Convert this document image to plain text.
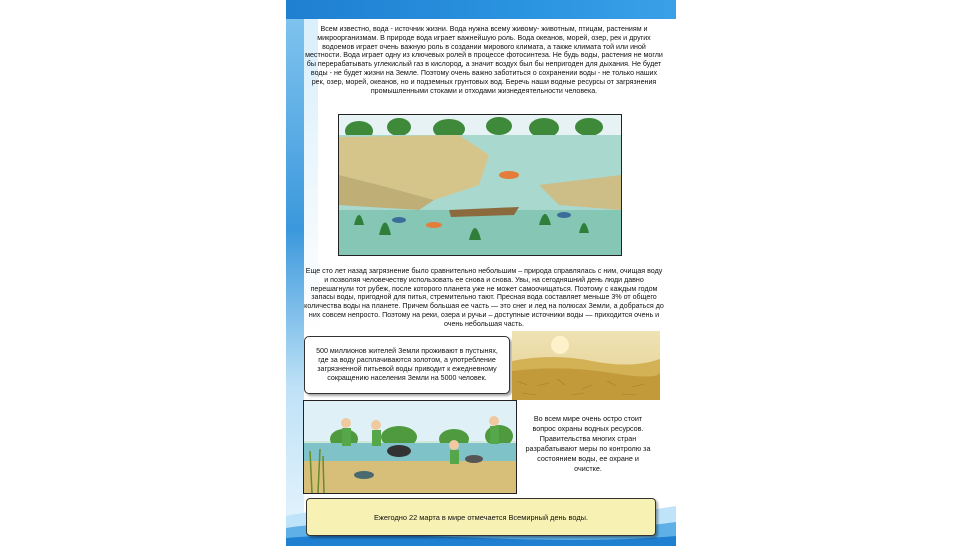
Всем известно, вода - источник жизни. Вода нужна всему живому- животным, птицам, растениям и микроорганизмам. В природе вода играет важнейшую роль. Вода океанов, морей, озер, рек и других водоемов играет очень важную роль в создании мирового климата, а также климата той или иной местности. Вода играет одну из ключевых ролей в процессе фотосинтеза. Не будь воды, растения не могли бы перерабатывать углекислый газ в кислород, а значит воздух был бы непригоден для дыхания. Не будет воды - не будет жизни на Земле. Поэтому очень важно заботиться о сохранении воды - не только наших рек, озер, морей, океанов, но и подземных грунтовых вод. Беречь наши водные ресурсы от загрязнения промышленными стоками и отходами жизнедеятельности человека.

Еще сто лет назад загрязнение было сравнительно небольшим – природа справлялась с ним, очищая воду и позволяя человечеству использовать ее снова и снова. Увы, на сегодняшний день люди давно перешагнули тот рубеж, после которого планета уже не может самоочищаться. Поэтому с каждым годом запасы воды, пригодной для питья, стремительно тают. Пресная вода составляет меньше 3% от общего количества воды на планете. Причем большая ее часть — это снег и лед на полюсах Земли, а добраться до них совсем непросто. Поэтому на реки, озера и ручьи – доступные источники воды — приходится очень и очень небольшая часть.

500 миллионов жителей Земли проживают в пустынях, где за воду расплачиваются золотом, а употребление загрязненной питьевой воды приводит к ежедневному сокращению населения Земли на 5000 человек.
Во всем мире очень остро стоит вопрос охраны водных ресурсов. Правительства многих стран разрабатывают меры по контролю за состоянием воды, ее охране и очистке.
Ежегодно 22 марта в мире отмечается Всемирный день воды.
